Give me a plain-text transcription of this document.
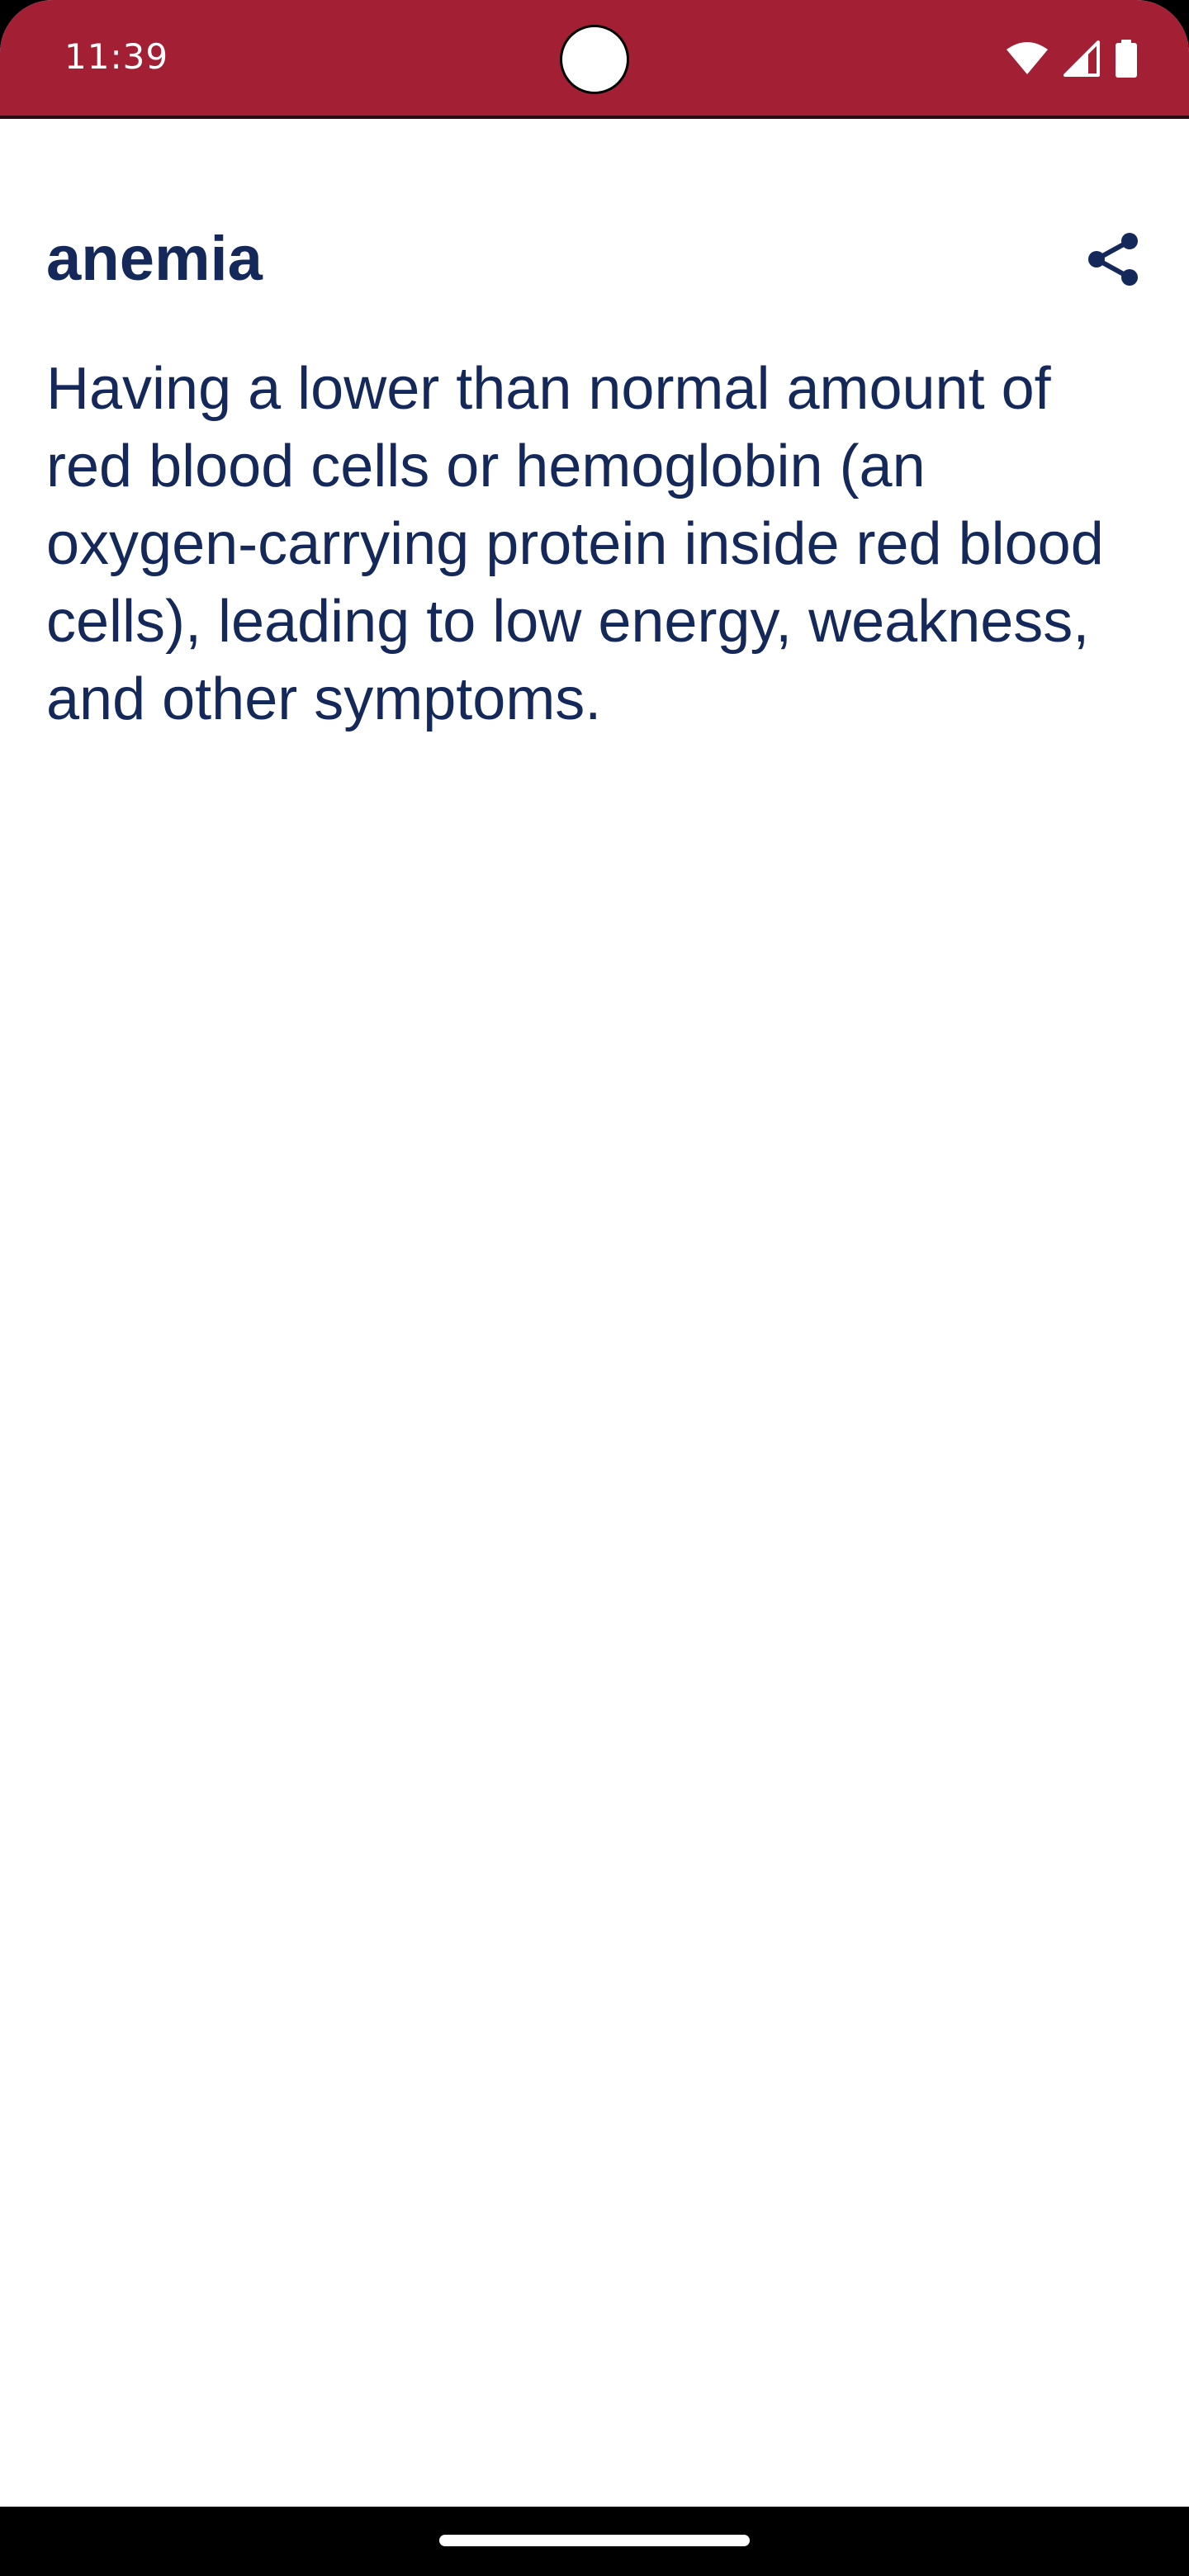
11:39
anemia

Having a lower than normal amount of red blood cells or hemoglobin (an oxygen-carrying protein inside red blood cells), leading to low energy, weakness, and other symptoms.
